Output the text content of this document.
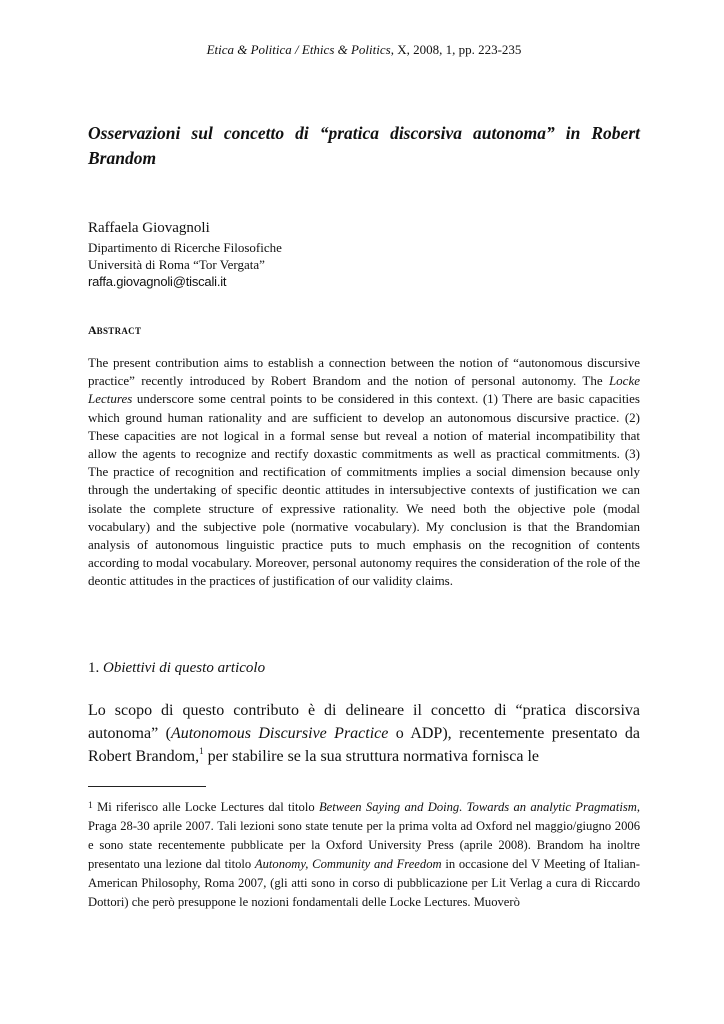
Etica & Politica / Ethics & Politics, X, 2008, 1, pp. 223-235
Osservazioni sul concetto di “pratica discorsiva autonoma” in Robert Brandom
Raffaela Giovagnoli
Dipartimento di Ricerche Filosofiche
Università di Roma “Tor Vergata”
raffa.giovagnoli@tiscali.it
ABSTRACT

The present contribution aims to establish a connection between the notion of “autonomous discursive practice” recently introduced by Robert Brandom and the notion of personal autonomy. The Locke Lectures underscore some central points to be considered in this context. (1) There are basic capacities which ground human rationality and are sufficient to develop an autonomous discursive practice. (2) These capacities are not logical in a formal sense but reveal a notion of material incompatibility that allow the agents to recognize and rectify doxastic commitments as well as practical commitments. (3) The practice of recognition and rectification of commitments implies a social dimension because only through the undertaking of specific deontic attitudes in intersubjective contexts of justification we can isolate the complete structure of expressive rationality. We need both the objective pole (modal vocabulary) and the subjective pole (normative vocabulary). My conclusion is that the Brandomian analysis of autonomous linguistic practice puts to much emphasis on the recognition of contents according to modal vocabulary. Moreover, personal autonomy requires the consideration of the role of the deontic attitudes in the practices of justification of our validity claims.

1. Obiettivi di questo articolo

Lo scopo di questo contributo è di delineare il concetto di “pratica discorsiva autonoma” (Autonomous Discursive Practice o ADP), recentemente presentato da Robert Brandom,$^1$ per stabilire se la sua struttura normativa fornisca le

$^1$ Mi riferisco alle Locke Lectures dal titolo Between Saying and Doing. Towards an analytic Pragmatism, Praga 28-30 aprile 2007. Tali lezioni sono state tenute per la prima volta ad Oxford nel maggio/giugno 2006 e sono state recentemente pubblicate per la Oxford University Press (aprile 2008). Brandom ha inoltre presentato una lezione dal titolo Autonomy, Community and Freedom in occasione del V Meeting of Italian-American Philosophy, Roma 2007, (gli atti sono in corso di pubblicazione per Lit Verlag a cura di Riccardo Dottori) che però presuppone le nozioni fondamentali delle Locke Lectures. Muoverò
